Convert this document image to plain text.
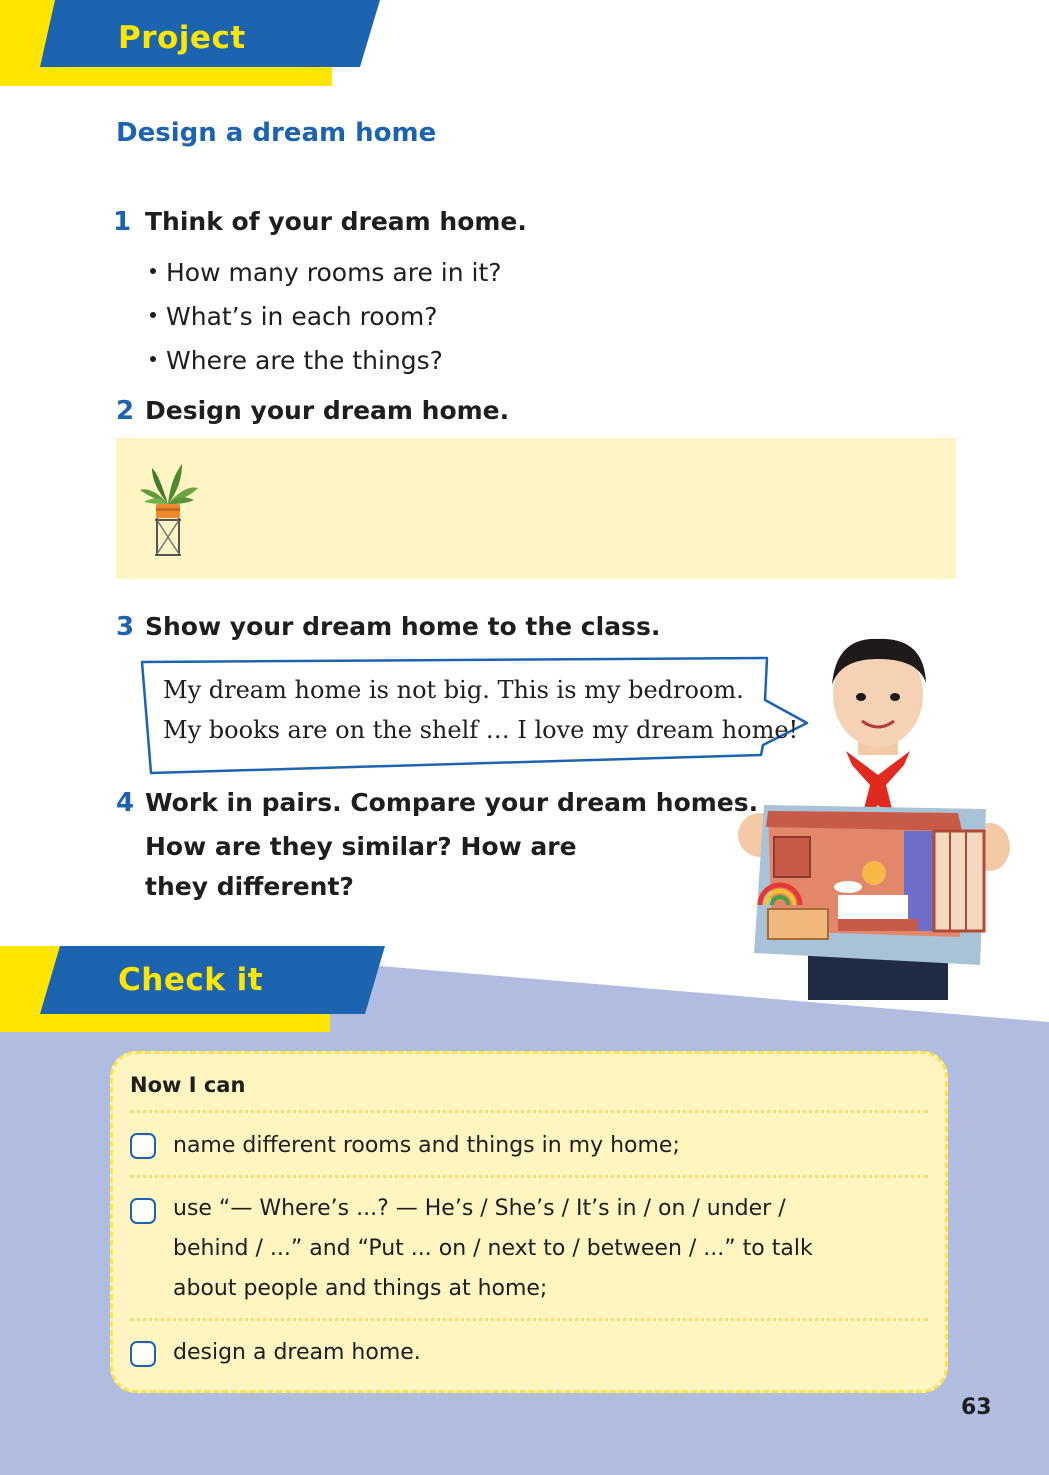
Project
Design a dream home
1 Think of your dream home.
How many rooms are in it?
What’s in each room?
Where are the things?
2 Design your dream home.
3 Show your dream home to the class.
My dream home is not big. This is my bedroom.
My books are on the shelf … I love my dream home!
4 Work in pairs. Compare your dream homes.
How are they similar? How are
they different?
Check it
Now I can
name different rooms and things in my home;
use “— Where’s ...? — He’s / She’s / It’s in / on / under /
behind / ...” and “Put ... on / next to / between / ...” to talk
about people and things at home;
design a dream home.
63
